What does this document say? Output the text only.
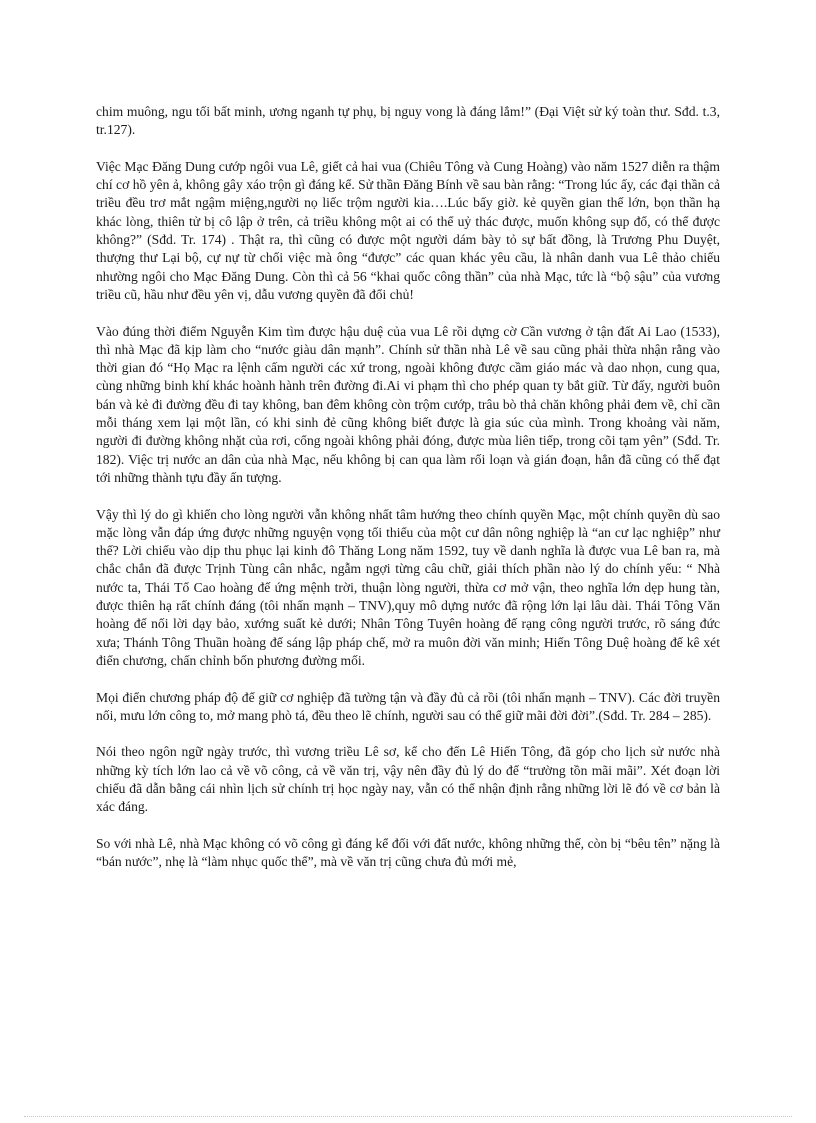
chim muông, ngu tối bất minh, ương nganh tự phụ, bị nguy vong là đáng lắm!” (Đại Việt sử ký toàn thư. Sđd. t.3, tr.127).

Việc Mạc Đăng Dung cướp ngôi vua Lê, giết cả hai vua (Chiêu Tông và Cung Hoàng) vào năm 1527 diễn ra thậm chí cơ hồ yên ả, không gây xáo trộn gì đáng kể. Sử thần Đăng Bính về sau bàn rằng: “Trong lúc ấy, các đại thần cả triều đều trơ mắt ngậm miệng,người nọ liếc trộm người kia….Lúc bấy giờ. kẻ quyền gian thế lớn, bọn thần hạ khác lòng, thiên tử bị cô lập ở trên, cả triều không một ai có thể uỷ thác được, muốn không sụp đổ, có thể được không?” (Sđd. Tr. 174) . Thật ra, thì cũng có được một người dám bày tỏ sự bất đồng, là Trương Phu Duyệt, thượng thư Lại bộ, cự nự từ chối việc mà ông “được” các quan khác yêu cầu, là nhân danh vua Lê thảo chiếu nhường ngôi cho Mạc Đăng Dung. Còn thì cả 56 “khai quốc công thần” của nhà Mạc, tức là “bộ sậu” của vương triều cũ, hầu như đều yên vị, dẫu vương quyền đã đổi chủ!

Vào đúng thời điểm Nguyễn Kim tìm được hậu duệ của vua Lê rồi dựng cờ Cần vương ở tận đất Ai Lao (1533), thì nhà Mạc đã kịp làm cho “nước giàu dân mạnh”. Chính sử thần nhà Lê về sau cũng phải thừa nhận rằng vào thời gian đó “Họ Mạc ra lệnh cấm người các xứ trong, ngoài không được cầm giáo mác và dao nhọn, cung qua, cùng những binh khí khác hoành hành trên đường đi.Ai vi phạm thì cho phép quan ty bắt giữ. Từ đấy, người buôn bán và kẻ đi đường đều đi tay không, ban đêm không còn trộm cướp, trâu bò thả chăn không phải đem về, chỉ cần mỗi tháng xem lại một lần, có khi sinh đẻ cũng không biết được là gia súc của mình. Trong khoảng vài năm, người đi đường không nhặt của rơi, cổng ngoài không phải đóng, được mùa liên tiếp, trong cõi tạm yên” (Sđd. Tr. 182). Việc trị nước an dân của nhà Mạc, nếu không bị can qua làm rối loạn và gián đoạn, hẳn đã cũng có thể đạt tới những thành tựu đầy ấn tượng.

Vậy thì lý do gì khiến cho lòng người vẫn không nhất tâm hướng theo chính quyền Mạc, một chính quyền dù sao mặc lòng vẫn đáp ứng được những nguyện vọng tối thiểu của một cư dân nông nghiệp là “an cư lạc nghiệp” như thế? Lời chiếu vào dịp thu phục lại kinh đô Thăng Long năm 1592, tuy về danh nghĩa là được vua Lê ban ra, mà chắc chắn đã được Trịnh Tùng cân nhắc, ngẫm ngợi từng câu chữ, giải thích phần nào lý do chính yếu: “ Nhà nước ta, Thái Tổ Cao hoàng đế ứng mệnh trời, thuận lòng người, thừa cơ mở vận, theo nghĩa lớn dẹp hung tàn, được thiên hạ rất chính đáng (tôi nhấn mạnh – TNV),quy mô dựng nước đã rộng lớn lại lâu dài. Thái Tông Văn hoàng đế nối lời dạy bảo, xướng suất kẻ dưới; Nhân Tông Tuyên hoàng đế rạng công người trước, rõ sáng đức xưa; Thánh Tông Thuần hoàng đế sáng lập pháp chế, mở ra muôn đời văn minh; Hiến Tông Duệ hoàng đế kê xét điển chương, chấn chỉnh bốn phương đường mối.

Mọi điển chương pháp độ để giữ cơ nghiệp đã tường tận và đầy đủ cả rồi (tôi nhấn mạnh – TNV). Các đời truyền nối, mưu lớn công to, mở mang phò tá, đều theo lẽ chính, người sau có thể giữ mãi đời đời”.(Sđd. Tr. 284 – 285).

Nói theo ngôn ngữ ngày trước, thì vương triều Lê sơ, kể cho đến Lê Hiến Tông, đã góp cho lịch sử nước nhà những kỳ tích lớn lao cả về võ công, cả về văn trị, vậy nên đầy đủ lý do để “trường tồn mãi mãi”. Xét đoạn lời chiếu đã dẫn bằng cái nhìn lịch sử chính trị học ngày nay, vẫn có thể nhận định rằng những lời lẽ đó về cơ bản là xác đáng.

So với nhà Lê, nhà Mạc không có võ công gì đáng kể đối với đất nước, không những thế, còn bị “bêu tên” nặng là “bán nước”, nhẹ là “làm nhục quốc thể”, mà về văn trị cũng chưa đủ mới mẻ,
